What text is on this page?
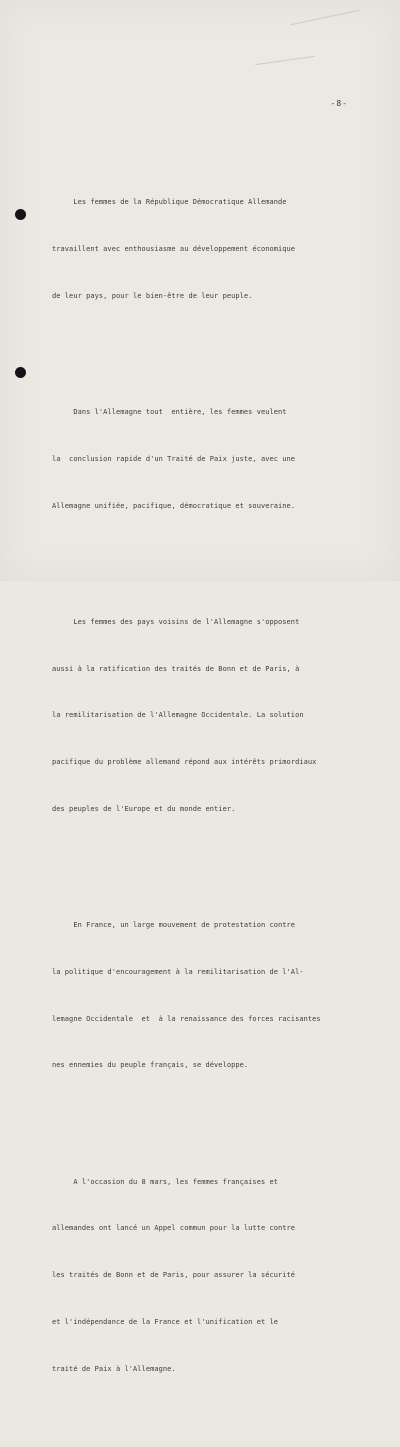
-8-

Les femmes de la République Démocratique Allemande

travaillent avec enthousiasme au développement économique

de leur pays, pour le bien-être de leur peuple.

Dans l'Allemagne tout  entière, les femmes veulent

la  conclusion rapide d'un Traité de Paix juste, avec une

Allemagne unifiée, pacifique, démocratique et souveraine.

Les femmes des pays voisins de l'Allemagne s'opposent

aussi à la ratification des traités de Bonn et de Paris, à

la remilitarisation de l'Allemagne Occidentale. La solution

pacifique du problème allemand répond aux intérêts primordiaux

des peuples de l'Europe et du monde entier.

En France, un large mouvement de protestation contre

la politique d'encouragement à la remilitarisation de l'Al-

lemagne Occidentale  et  à la renaissance des forces racisantes

nes ennemies du peuple français, se développe.

A l'occasion du 8 mars, les femmes françaises et

allemandes ont lancé un Appel commun pour la lutte contre

les traités de Bonn et de Paris, pour assurer la sécurité

et l'indépendance de la France et l'unification et le

traité de Paix à l'Allemagne.
